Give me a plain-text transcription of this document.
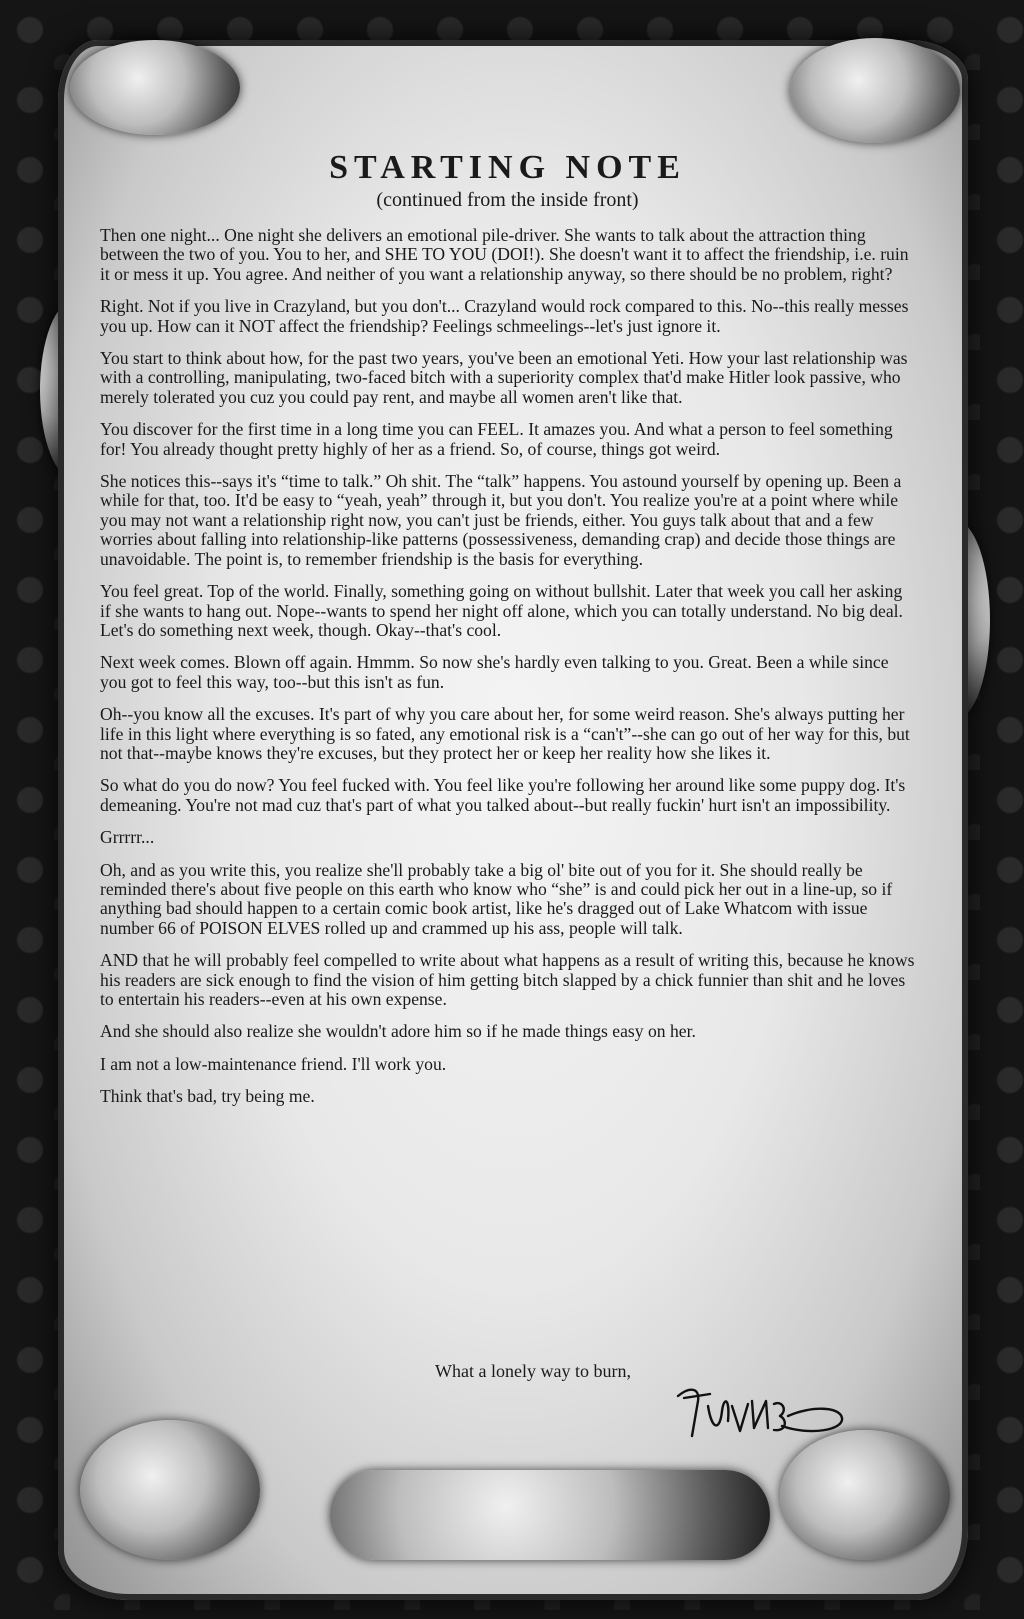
STARTING NOTE

(continued from the inside front)

Then one night... One night she delivers an emotional pile-driver. She wants to talk about the attraction thing between the two of you. You to her, and SHE TO YOU (DOI!). She doesn't want it to affect the friendship, i.e. ruin it or mess it up. You agree. And neither of you want a relationship anyway, so there should be no problem, right?

Right. Not if you live in Crazyland, but you don't... Crazyland would rock compared to this. No--this really messes you up. How can it NOT affect the friendship? Feelings schmeelings--let's just ignore it.

You start to think about how, for the past two years, you've been an emotional Yeti. How your last relationship was with a controlling, manipulating, two-faced bitch with a superiority complex that'd make Hitler look passive, who merely tolerated you cuz you could pay rent, and maybe all women aren't like that.

You discover for the first time in a long time you can FEEL. It amazes you. And what a person to feel something for! You already thought pretty highly of her as a friend. So, of course, things got weird.

She notices this--says it's “time to talk.” Oh shit. The “talk” happens. You astound yourself by opening up. Been a while for that, too. It'd be easy to “yeah, yeah” through it, but you don't. You realize you're at a point where while you may not want a relationship right now, you can't just be friends, either. You guys talk about that and a few worries about falling into relationship-like patterns (possessiveness, demanding crap) and decide those things are unavoidable. The point is, to remember friendship is the basis for everything.

You feel great. Top of the world. Finally, something going on without bullshit. Later that week you call her asking if she wants to hang out. Nope--wants to spend her night off alone, which you can totally understand. No big deal. Let's do something next week, though. Okay--that's cool.

Next week comes. Blown off again. Hmmm. So now she's hardly even talking to you. Great. Been a while since you got to feel this way, too--but this isn't as fun.

Oh--you know all the excuses. It's part of why you care about her, for some weird reason. She's always putting her life in this light where everything is so fated, any emotional risk is a “can't”--she can go out of her way for this, but not that--maybe knows they're excuses, but they protect her or keep her reality how she likes it.

So what do you do now? You feel fucked with. You feel like you're following her around like some puppy dog. It's demeaning. You're not mad cuz that's part of what you talked about--but really fuckin' hurt isn't an impossibility.

Grrrrr...

Oh, and as you write this, you realize she'll probably take a big ol' bite out of you for it. She should really be reminded there's about five people on this earth who know who “she” is and could pick her out in a line-up, so if anything bad should happen to a certain comic book artist, like he's dragged out of Lake Whatcom with issue number 66 of POISON ELVES rolled up and crammed up his ass, people will talk.

AND that he will probably feel compelled to write about what happens as a result of writing this, because he knows his readers are sick enough to find the vision of him getting bitch slapped by a chick funnier than shit and he loves to entertain his readers--even at his own expense.

And she should also realize she wouldn't adore him so if he made things easy on her.

I am not a low-maintenance friend. I'll work you.

Think that's bad, try being me.

What a lonely way to burn,
